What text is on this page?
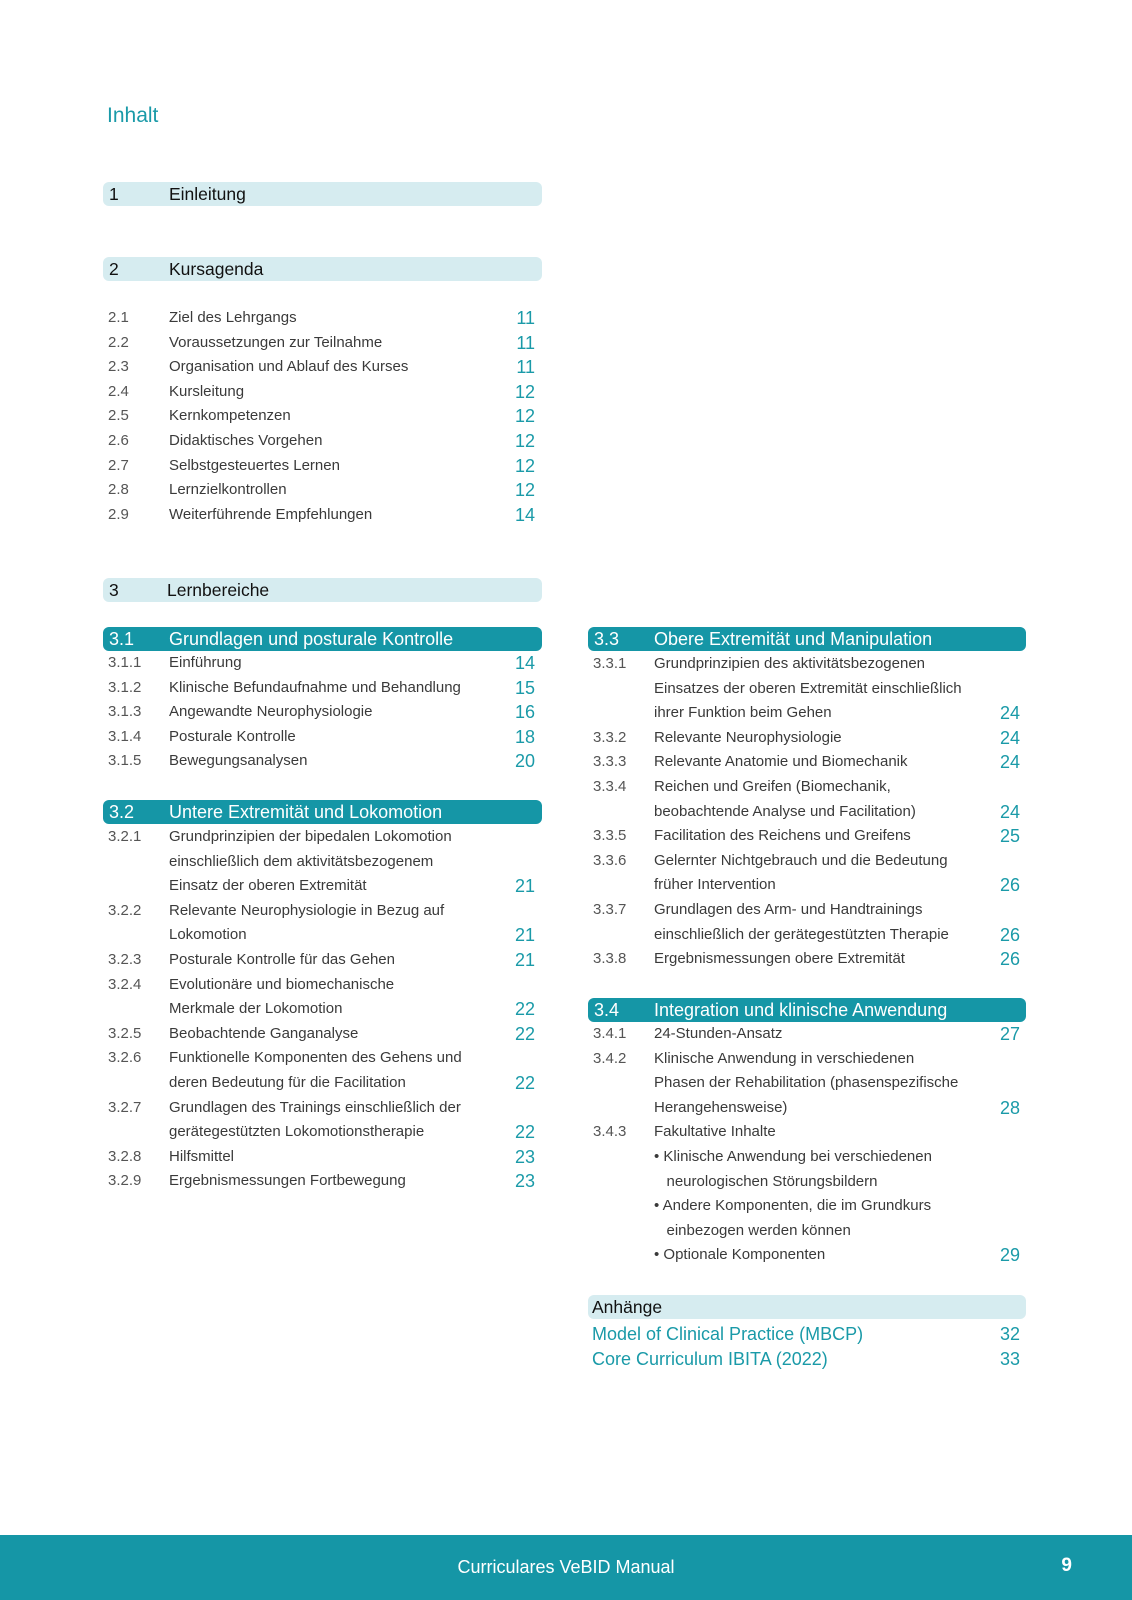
Inhalt
1	Einleitung
2	Kursagenda
2.1	Ziel des Lehrgangs	11
2.2	Voraussetzungen zur Teilnahme	11
2.3	Organisation und Ablauf des Kurses	11
2.4	Kursleitung	12
2.5	Kernkompetenzen	12
2.6	Didaktisches Vorgehen	12
2.7	Selbstgesteuertes Lernen	12
2.8	Lernzielkontrollen	12
2.9	Weiterführende Empfehlungen	14
3	Lernbereiche
3.1 Grundlagen und posturale Kontrolle
3.1.1 Einführung	14
3.1.2 Klinische Befundaufnahme und Behandlung	15
3.1.3 Angewandte Neurophysiologie	16
3.1.4 Posturale Kontrolle	18
3.1.5 Bewegungsanalysen	20
3.2 Untere Extremität und Lokomotion
3.2.1 Grundprinzipien der bipedalen Lokomotion
einschließlich dem aktivitätsbezogenem
Einsatz der oberen Extremität	21
3.2.2 Relevante Neurophysiologie in Bezug auf
Lokomotion	21
3.2.3 Posturale Kontrolle für das Gehen	21
3.2.4 Evolutionäre und biomechanische
Merkmale der Lokomotion	22
3.2.5 Beobachtende Ganganalyse	22
3.2.6 Funktionelle Komponenten des Gehens und
deren Bedeutung für die Facilitation	22
3.2.7 Grundlagen des Trainings einschließlich der
gerätegestützten Lokomotionstherapie	22
3.2.8 Hilfsmittel	23
3.2.9 Ergebnismessungen Fortbewegung	23
3.3 Obere Extremität und Manipulation
3.3.1 Grundprinzipien des aktivitätsbezogenen
Einsatzes der oberen Extremität einschließlich
ihrer Funktion beim Gehen	24
3.3.2 Relevante Neurophysiologie	24
3.3.3 Relevante Anatomie und Biomechanik	24
3.3.4 Reichen und Greifen (Biomechanik,
beobachtende Analyse und Facilitation)	24
3.3.5 Facilitation des Reichens und Greifens	25
3.3.6 Gelernter Nichtgebrauch und die Bedeutung
früher Intervention	26
3.3.7 Grundlagen des Arm- und Handtrainings
einschließlich der gerätegestützten Therapie	26
3.3.8 Ergebnismessungen obere Extremität	26
3.4 Integration und klinische Anwendung
3.4.1 24-Stunden-Ansatz	27
3.4.2 Klinische Anwendung in verschiedenen
Phasen der Rehabilitation (phasenspezifische
Herangehensweise)	28
3.4.3 Fakultative Inhalte
• Klinische Anwendung bei verschiedenen
neurologischen Störungsbildern
• Andere Komponenten, die im Grundkurs
einbezogen werden können
• Optionale Komponenten	29
Anhänge
Model of Clinical Practice (MBCP)	32
Core Curriculum IBITA (2022)	33
Curriculares VeBID Manual	9
